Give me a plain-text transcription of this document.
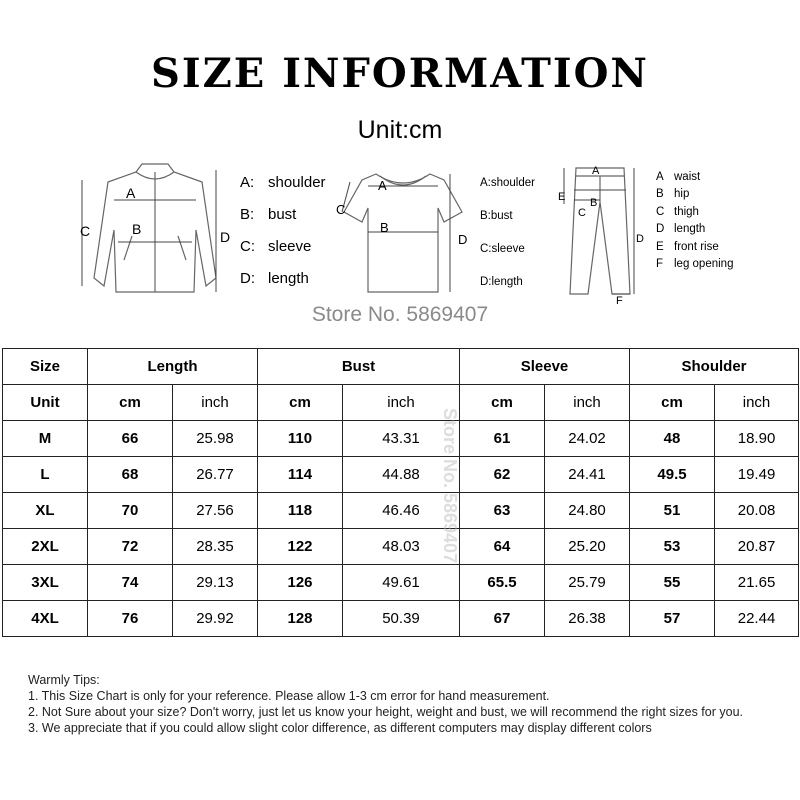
SIZE INFORMATION
Unit:cm
A
B
C	D
A: shoulder
B: bust
C: sleeve
D: length
A
B
C
D
A: shoulder
B: bust
C: sleeve
D: length
A
B
C
D
E
F
A waist
B hip
C thigh
D length
E front rise
F leg opening
Store No. 5869407
Size	Length		Bust		Sleeve		Shoulder	
Unit	cm	inch	cm	inch	cm	inch	cm	inch
M	66	25.98	110	43.31	61	24.02	48	18.90
L	68	26.77	114	44.88	62	24.41	49.5	19.49
XL	70	27.56	118	46.46	63	24.80	51	20.08
2XL	72	28.35	122	48.03	64	25.20	53	20.87
3XL	74	29.13	126	49.61	65.5	25.79	55	21.65
4XL	76	29.92	128	50.39	67	26.38	57	22.44
Store No. 5869407
Warmly Tips:
1. This Size Chart is only for your reference. Please allow 1-3 cm error for hand measurement.
2. Not Sure about your size? Don't worry, just let us know your height, weight and bust, we will recommend the right sizes for you.
3. We appreciate that if you could allow slight color difference, as different computers may display different colors
